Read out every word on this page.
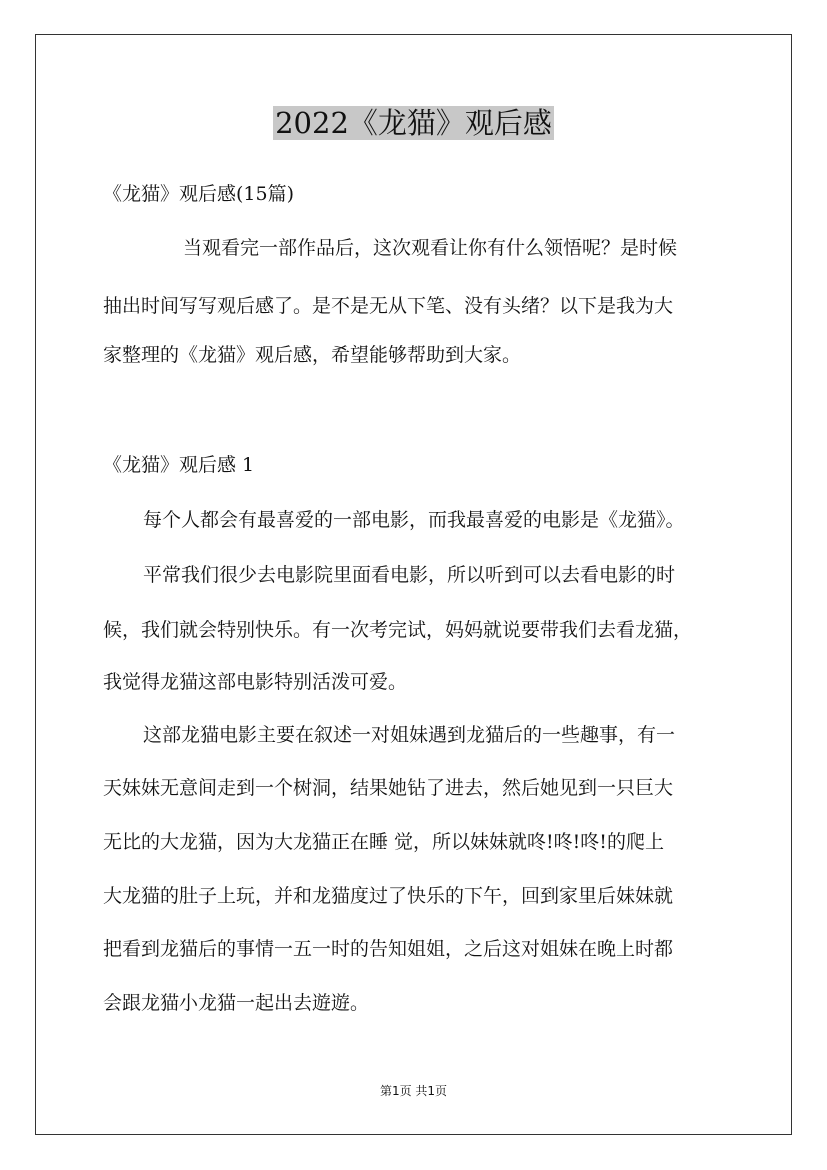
2022《龙猫》观后感
《龙猫》观后感(15篇)
当观看完一部作品后，这次观看让你有什么领悟呢？是时候
抽出时间写写观后感了。是不是无从下笔、没有头绪？以下是我为大
家整理的《龙猫》观后感，希望能够帮助到大家。
《龙猫》观后感 1
每个人都会有最喜爱的一部电影，而我最喜爱的电影是《龙猫》。
平常我们很少去电影院里面看电影，所以听到可以去看电影的时
候，我们就会特别快乐。有一次考完试，妈妈就说要带我们去看龙猫，
我觉得龙猫这部电影特别活泼可爱。
这部龙猫电影主要在叙述一对姐妹遇到龙猫后的一些趣事，有一
天妹妹无意间走到一个树洞，结果她钻了进去，然后她见到一只巨大
无比的大龙猫，因为大龙猫正在睡 觉，所以妹妹就咚!咚!咚!的爬上
大龙猫的肚子上玩，并和龙猫度过了快乐的下午，回到家里后妹妹就
把看到龙猫后的事情一五一时的告知姐姐，之后这对姐妹在晚上时都
会跟龙猫小龙猫一起出去遊遊。
第1页 共1页
